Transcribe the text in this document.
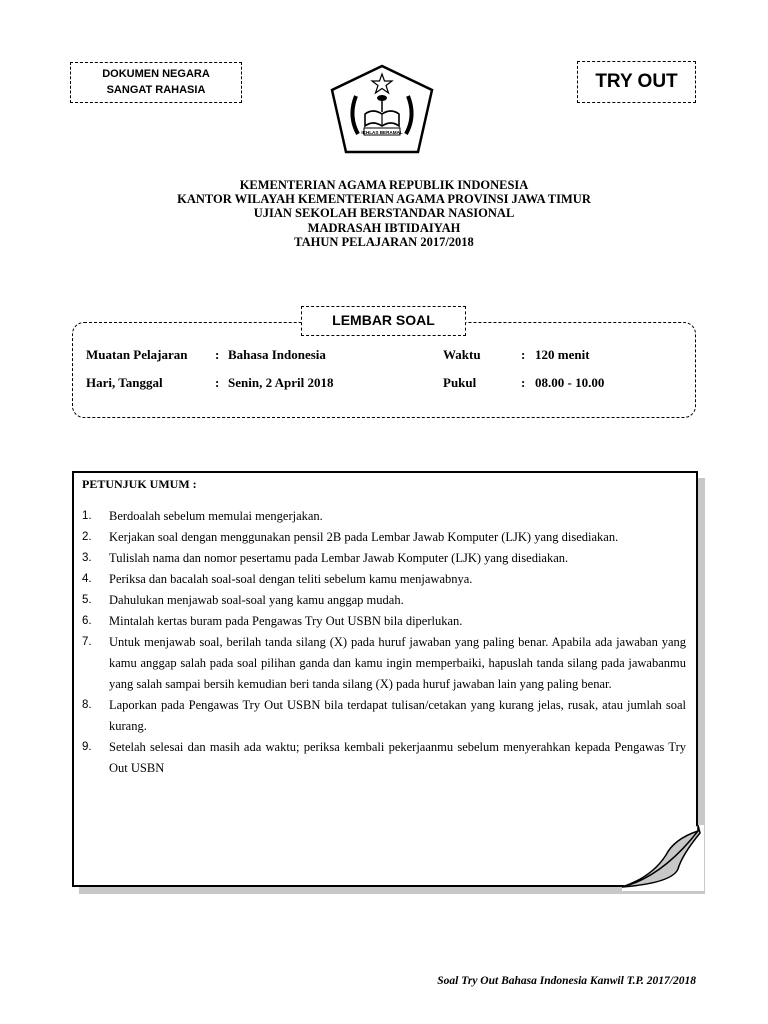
DOKUMEN NEGARA
SANGAT RAHASIA
IKHLAS BERAMAL
TRY OUT
KEMENTERIAN AGAMA REPUBLIK INDONESIA
KANTOR WILAYAH KEMENTERIAN AGAMA PROVINSI JAWA TIMUR
UJIAN SEKOLAH BERSTANDAR NASIONAL
MADRASAH IBTIDAIYAH
TAHUN PELAJARAN 2017/2018
LEMBAR SOAL
Muatan Pelajaran : Bahasa Indonesia	Waktu	: 120 menit
Hari, Tanggal	: Senin, 2 April 2018	Pukul	: 08.00 - 10.00
PETUNJUK UMUM :
1.	Berdoalah sebelum memulai mengerjakan.
2.	Kerjakan soal dengan menggunakan pensil 2B pada Lembar Jawab Komputer (LJK) yang disediakan.
3.	Tulislah nama dan nomor pesertamu pada Lembar Jawab Komputer (LJK) yang disediakan.
4.	Periksa dan bacalah soal-soal dengan teliti sebelum kamu menjawabnya.
5.	Dahulukan menjawab soal-soal yang kamu anggap mudah.
6.	Mintalah kertas buram pada Pengawas Try Out USBN bila diperlukan.
7.	Untuk menjawab soal, berilah tanda silang (X) pada huruf jawaban yang paling benar. Apabila ada jawaban yang kamu anggap salah pada soal pilihan ganda dan kamu ingin memperbaiki, hapuslah tanda silang pada jawabanmu yang salah sampai bersih kemudian beri tanda silang (X) pada huruf jawaban lain yang paling benar.
8.	Laporkan pada Pengawas Try Out USBN bila terdapat tulisan/cetakan yang kurang jelas, rusak, atau jumlah soal kurang.
9.	Setelah selesai dan masih ada waktu; periksa kembali pekerjaanmu sebelum menyerahkan kepada Pengawas Try Out USBN
Soal Try Out Bahasa Indonesia Kanwil T.P. 2017/2018
